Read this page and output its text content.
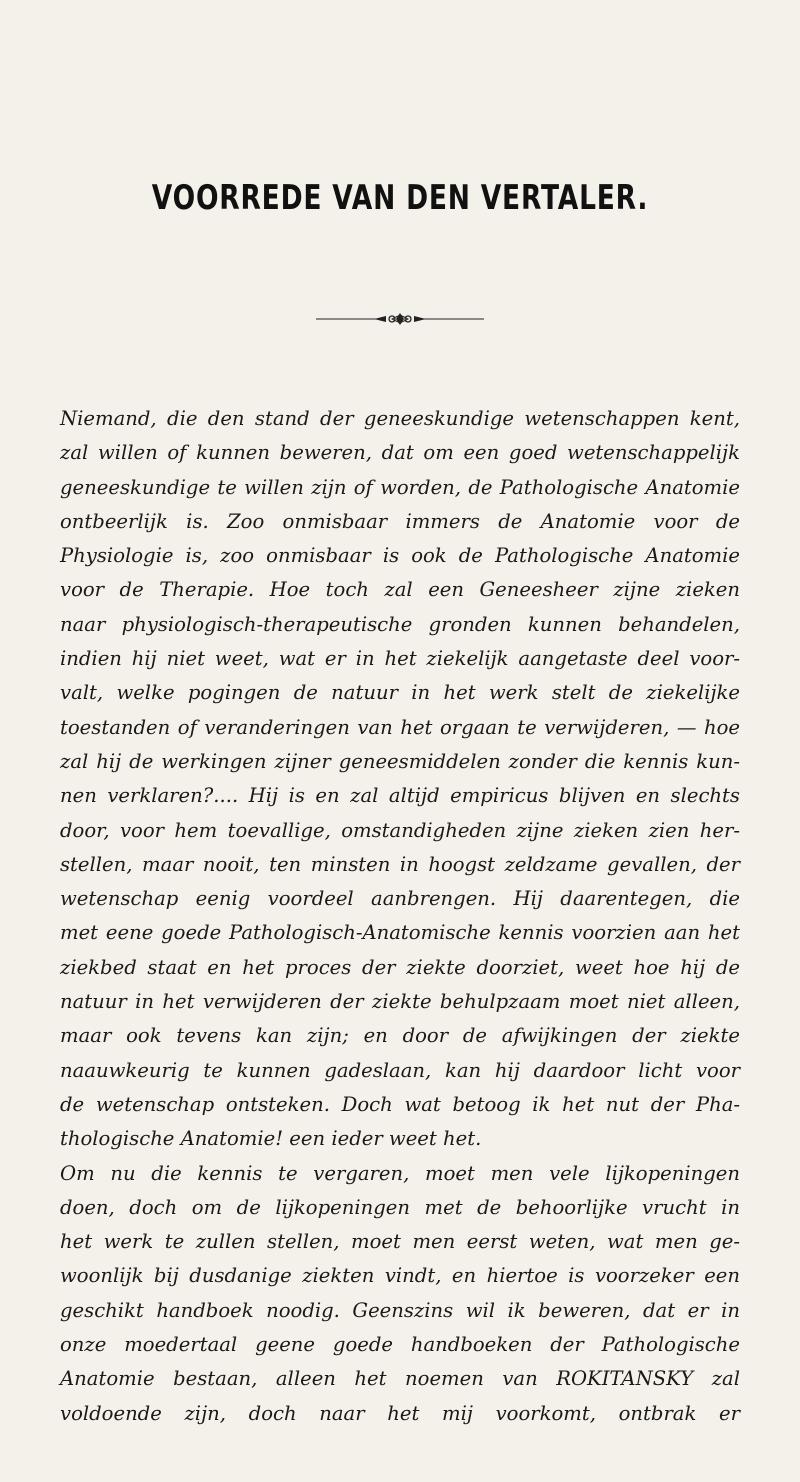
VOORREDE VAN DEN VERTALER.
Niemand, die den stand der geneeskundige wetenschappen kent,
zal willen of kunnen beweren, dat om een goed wetenschappelijk
geneeskundige te willen zijn of worden, de Pathologische Anatomie
ontbeerlijk is. Zoo onmisbaar immers de Anatomie voor de
Physiologie is, zoo onmisbaar is ook de Pathologische Anatomie
voor de Therapie. Hoe toch zal een Geneesheer zijne zieken
naar physiologisch-therapeutische gronden kunnen behandelen,
indien hij niet weet, wat er in het ziekelijk aangetaste deel voor-
valt, welke pogingen de natuur in het werk stelt de ziekelijke
toestanden of veranderingen van het orgaan te verwijderen, — hoe
zal hij de werkingen zijner geneesmiddelen zonder die kennis kun-
nen verklaren?.... Hij is en zal altijd empiricus blijven en slechts
door, voor hem toevallige, omstandigheden zijne zieken zien her-
stellen, maar nooit, ten minsten in hoogst zeldzame gevallen, der
wetenschap eenig voordeel aanbrengen. Hij daarentegen, die
met eene goede Pathologisch-Anatomische kennis voorzien aan het
ziekbed staat en het proces der ziekte doorziet, weet hoe hij de
natuur in het verwijderen der ziekte behulpzaam moet niet alleen,
maar ook tevens kan zijn; en door de afwijkingen der ziekte
naauwkeurig te kunnen gadeslaan, kan hij daardoor licht voor
de wetenschap ontsteken. Doch wat betoog ik het nut der Pha-
thologische Anatomie! een ieder weet het.
Om nu die kennis te vergaren, moet men vele lijkopeningen
doen, doch om de lijkopeningen met de behoorlijke vrucht in
het werk te zullen stellen, moet men eerst weten, wat men ge-
woonlijk bij dusdanige ziekten vindt, en hiertoe is voorzeker een
geschikt handboek noodig. Geenszins wil ik beweren, dat er in
onze moedertaal geene goede handboeken der Pathologische
Anatomie bestaan, alleen het noemen van ROKITANSKY zal
voldoende zijn, doch naar het mij voorkomt, ontbrak er
